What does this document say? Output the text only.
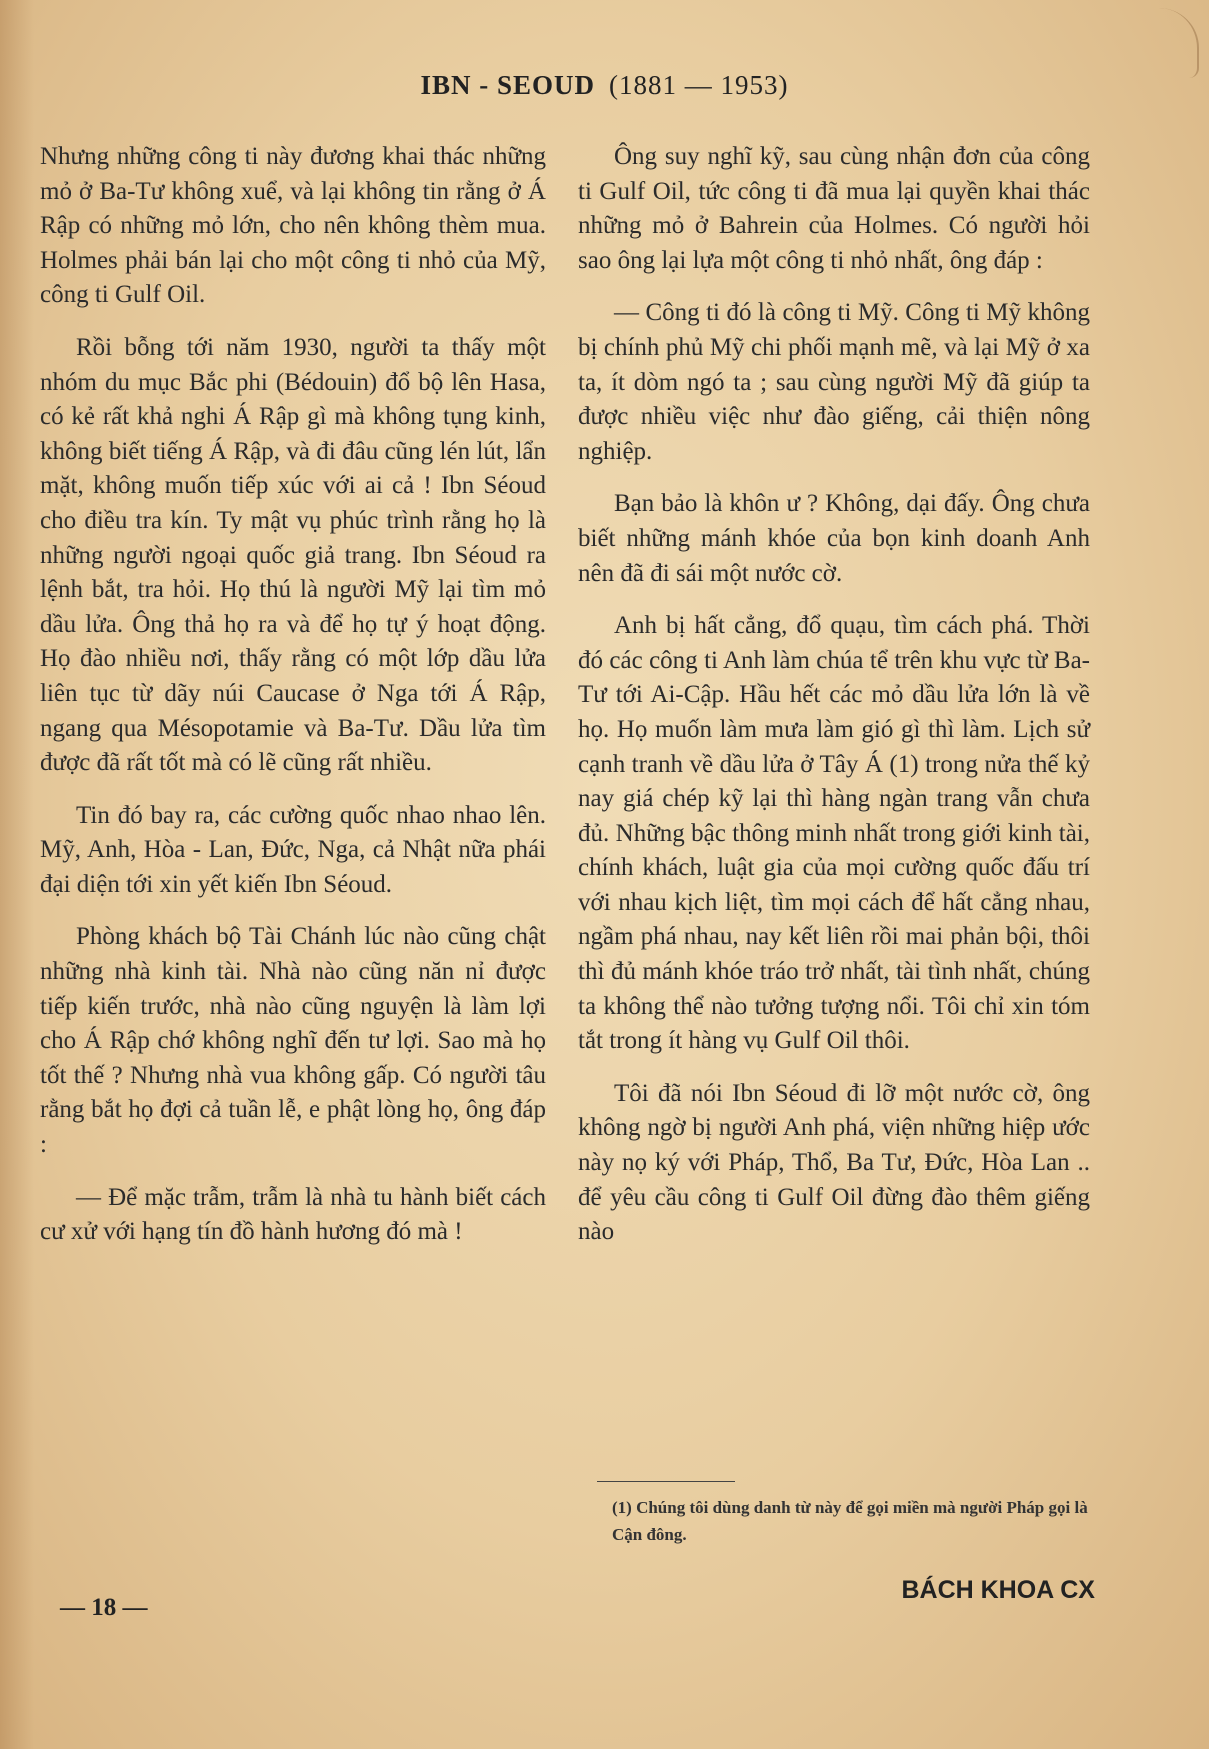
IBN - SEOUD (1881 — 1953)

Nhưng những công ti này đương khai thác những mỏ ở Ba-Tư không xuể, và lại không tin rằng ở Á Rập có những mỏ lớn, cho nên không thèm mua. Holmes phải bán lại cho một công ti nhỏ của Mỹ, công ti Gulf Oil.

Rồi bỗng tới năm 1930, người ta thấy một nhóm du mục Bắc phi (Bédouin) đổ bộ lên Hasa, có kẻ rất khả nghi Á Rập gì mà không tụng kinh, không biết tiếng Á Rập, và đi đâu cũng lén lút, lẩn mặt, không muốn tiếp xúc với ai cả ! Ibn Séoud cho điều tra kín. Ty mật vụ phúc trình rằng họ là những người ngoại quốc giả trang. Ibn Séoud ra lệnh bắt, tra hỏi. Họ thú là người Mỹ lại tìm mỏ dầu lửa. Ông thả họ ra và để họ tự ý hoạt động. Họ đào nhiều nơi, thấy rằng có một lớp dầu lửa liên tục từ dãy núi Caucase ở Nga tới Á Rập, ngang qua Mésopotamie và Ba-Tư. Dầu lửa tìm được đã rất tốt mà có lẽ cũng rất nhiều.

Tin đó bay ra, các cường quốc nhao nhao lên. Mỹ, Anh, Hòa - Lan, Đức, Nga, cả Nhật nữa phái đại diện tới xin yết kiến Ibn Séoud.

Phòng khách bộ Tài Chánh lúc nào cũng chật những nhà kinh tài. Nhà nào cũng năn nỉ được tiếp kiến trước, nhà nào cũng nguyện là làm lợi cho Á Rập chớ không nghĩ đến tư lợi. Sao mà họ tốt thế ? Nhưng nhà vua không gấp. Có người tâu rằng bắt họ đợi cả tuần lễ, e phật lòng họ, ông đáp :

— Để mặc trẫm, trẫm là nhà tu hành biết cách cư xử với hạng tín đồ hành hương đó mà !

Ông suy nghĩ kỹ, sau cùng nhận đơn của công ti Gulf Oil, tức công ti đã mua lại quyền khai thác những mỏ ở Bahrein của Holmes. Có người hỏi sao ông lại lựa một công ti nhỏ nhất, ông đáp :

— Công ti đó là công ti Mỹ. Công ti Mỹ không bị chính phủ Mỹ chi phối mạnh mẽ, và lại Mỹ ở xa ta, ít dòm ngó ta ; sau cùng người Mỹ đã giúp ta được nhiều việc như đào giếng, cải thiện nông nghiệp.

Bạn bảo là khôn ư ? Không, dại đấy. Ông chưa biết những mánh khóe của bọn kinh doanh Anh nên đã đi sái một nước cờ.

Anh bị hất cẳng, đổ quạu, tìm cách phá. Thời đó các công ti Anh làm chúa tể trên khu vực từ Ba-Tư tới Ai-Cập. Hầu hết các mỏ dầu lửa lớn là về họ. Họ muốn làm mưa làm gió gì thì làm. Lịch sử cạnh tranh về dầu lửa ở Tây Á (1) trong nửa thế kỷ nay giá chép kỹ lại thì hàng ngàn trang vẫn chưa đủ. Những bậc thông minh nhất trong giới kinh tài, chính khách, luật gia của mọi cường quốc đấu trí với nhau kịch liệt, tìm mọi cách để hất cẳng nhau, ngầm phá nhau, nay kết liên rồi mai phản bội, thôi thì đủ mánh khóe tráo trở nhất, tài tình nhất, chúng ta không thể nào tưởng tượng nổi. Tôi chỉ xin tóm tắt trong ít hàng vụ Gulf Oil thôi.

Tôi đã nói Ibn Séoud đi lỡ một nước cờ, ông không ngờ bị người Anh phá, viện những hiệp ước này nọ ký với Pháp, Thổ, Ba Tư, Đức, Hòa Lan .. để yêu cầu công ti Gulf Oil đừng đào thêm giếng nào

(1) Chúng tôi dùng danh từ này để gọi miền mà người Pháp gọi là Cận đông.
— 18 —
BÁCH KHOA CX
